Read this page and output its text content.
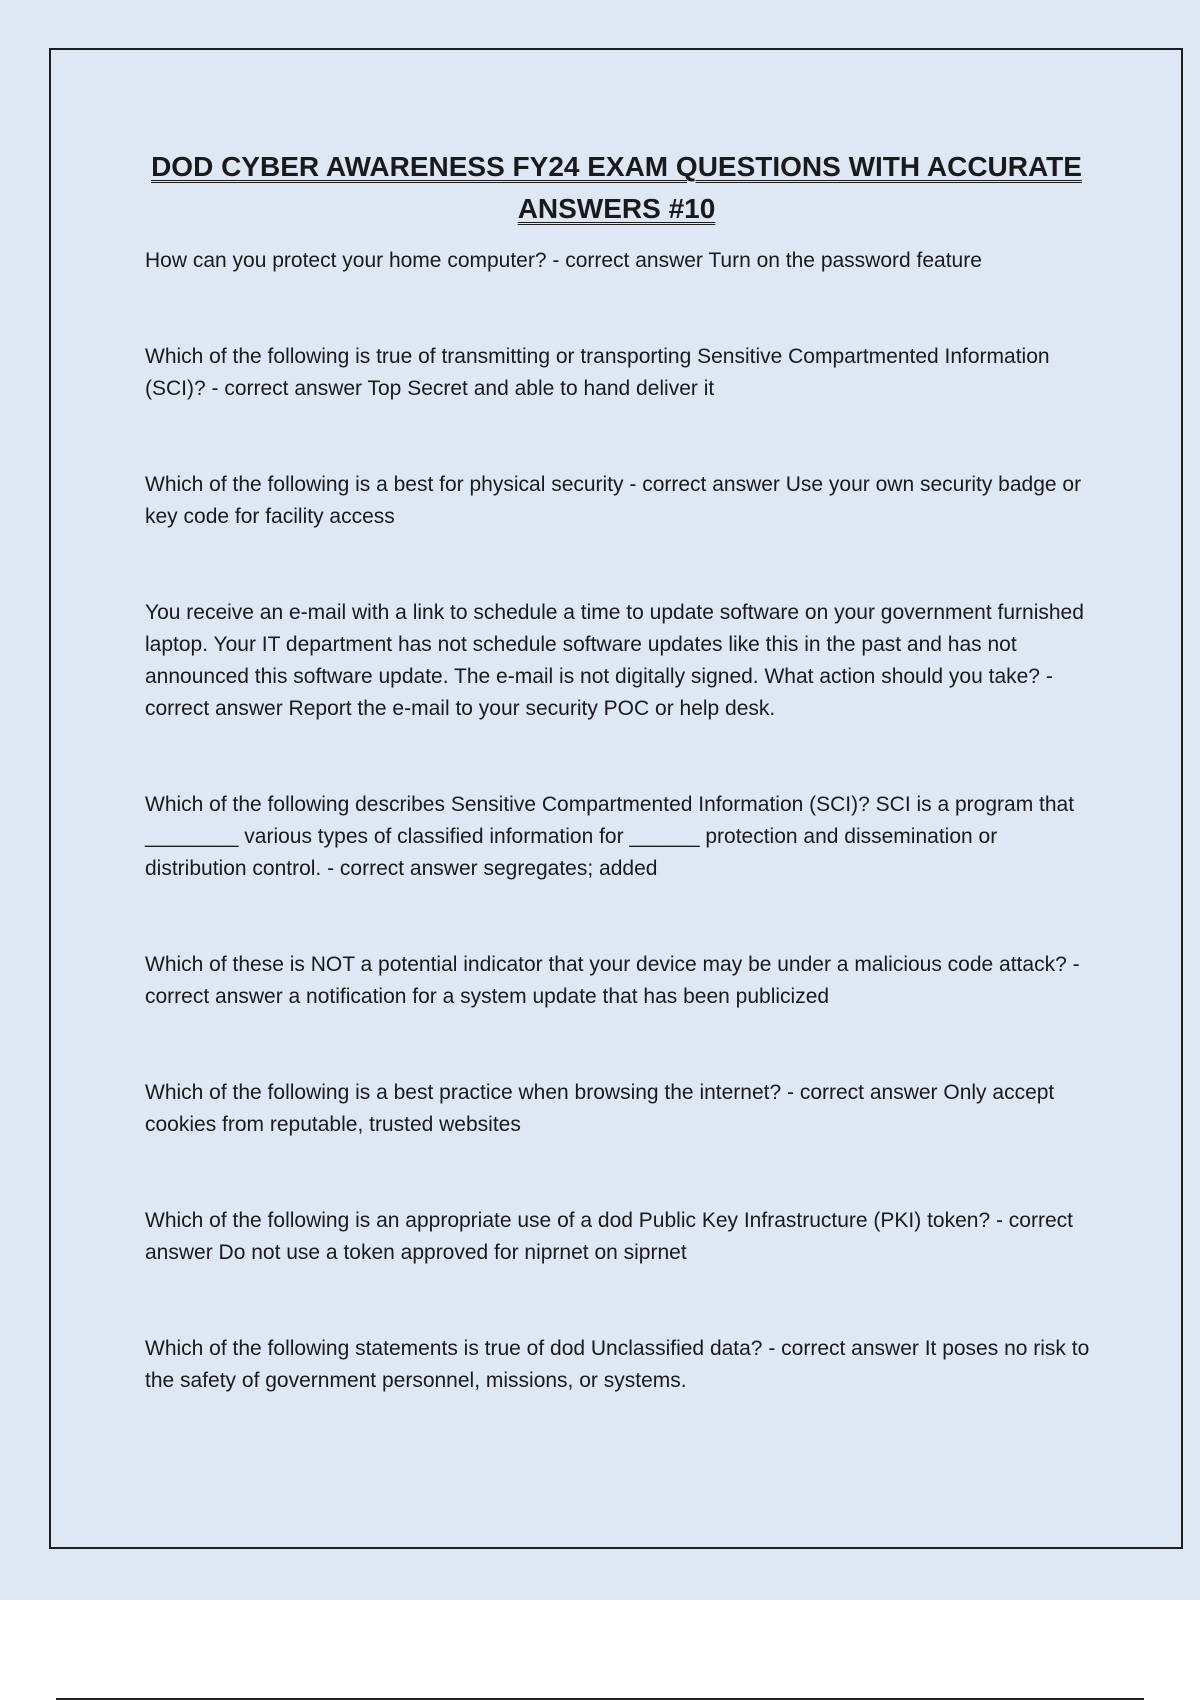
DOD CYBER AWARENESS FY24 EXAM QUESTIONS WITH ACCURATE ANSWERS #10

How can you protect your home computer? - correct answer Turn on the password feature

Which of the following is true of transmitting or transporting Sensitive Compartmented Information (SCI)? - correct answer Top Secret and able to hand deliver it

Which of the following is a best for physical security - correct answer Use your own security badge or key code for facility access

You receive an e-mail with a link to schedule a time to update software on your government furnished laptop. Your IT department has not schedule software updates like this in the past and has not announced this software update. The e-mail is not digitally signed. What action should you take? - correct answer Report the e-mail to your security POC or help desk.

Which of the following describes Sensitive Compartmented Information (SCI)? SCI is a program that ________ various types of classified information for ______ protection and dissemination or distribution control. - correct answer segregates; added

Which of these is NOT a potential indicator that your device may be under a malicious code attack? - correct answer a notification for a system update that has been publicized

Which of the following is a best practice when browsing the internet? - correct answer Only accept cookies from reputable, trusted websites

Which of the following is an appropriate use of a dod Public Key Infrastructure (PKI) token? - correct answer Do not use a token approved for niprnet on siprnet

Which of the following statements is true of dod Unclassified data? - correct answer It poses no risk to the safety of government personnel, missions, or systems.
